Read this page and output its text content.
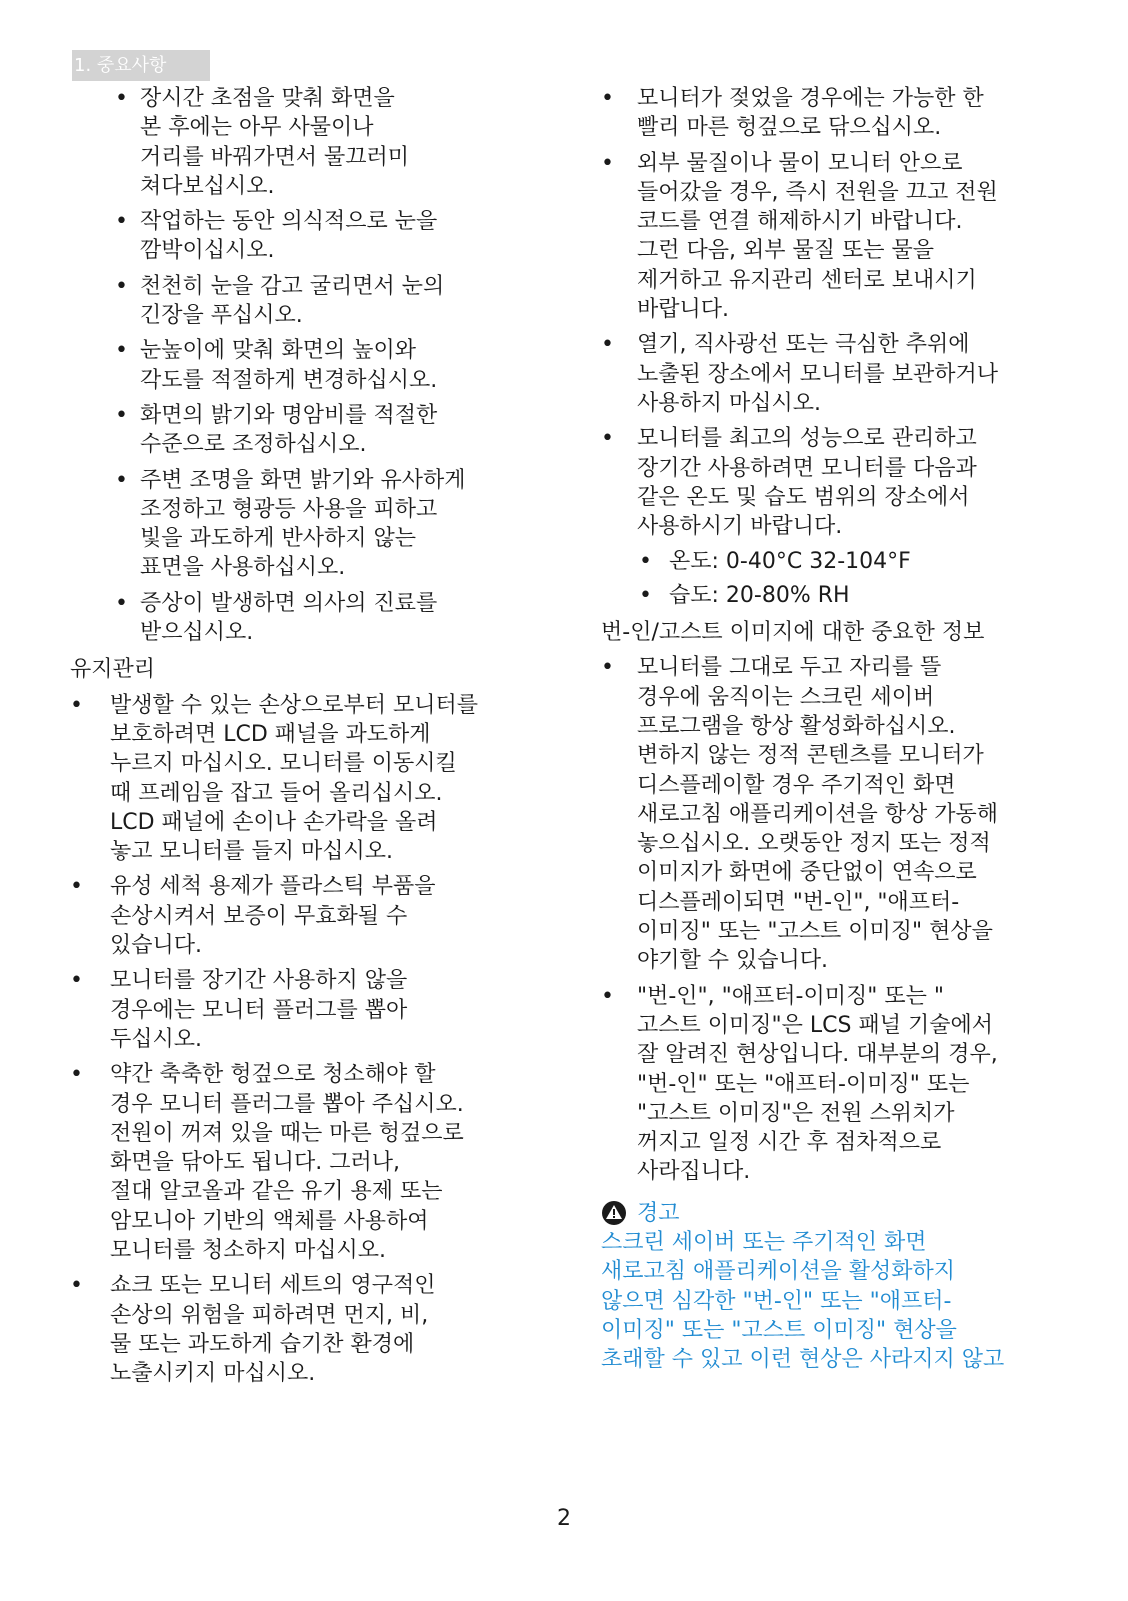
1. 중요사항
• 장시간 초점을 맞춰 화면을
본 후에는 아무 사물이나
거리를 바꿔가면서 물끄러미
쳐다보십시오.
• 작업하는 동안 의식적으로 눈을
깜박이십시오.
• 천천히 눈을 감고 굴리면서 눈의
긴장을 푸십시오.
• 눈높이에 맞춰 화면의 높이와
각도를 적절하게 변경하십시오.
• 화면의 밝기와 명암비를 적절한
수준으로 조정하십시오.
• 주변 조명을 화면 밝기와 유사하게
조정하고 형광등 사용을 피하고
빛을 과도하게 반사하지 않는
표면을 사용하십시오.
• 증상이 발생하면 의사의 진료를
받으십시오.
유지관리
• 발생할 수 있는 손상으로부터 모니터를
보호하려면 LCD 패널을 과도하게
누르지 마십시오. 모니터를 이동시킬
때 프레임을 잡고 들어 올리십시오.
LCD 패널에 손이나 손가락을 올려
놓고 모니터를 들지 마십시오.
• 유성 세척 용제가 플라스틱 부품을
손상시켜서 보증이 무효화될 수
있습니다.
• 모니터를 장기간 사용하지 않을
경우에는 모니터 플러그를 뽑아
두십시오.
• 약간 축축한 헝겊으로 청소해야 할
경우 모니터 플러그를 뽑아 주십시오.
전원이 꺼져 있을 때는 마른 헝겊으로
화면을 닦아도 됩니다. 그러나,
절대 알코올과 같은 유기 용제 또는
암모니아 기반의 액체를 사용하여
모니터를 청소하지 마십시오.
• 쇼크 또는 모니터 세트의 영구적인
손상의 위험을 피하려면 먼지, 비,
물 또는 과도하게 습기찬 환경에
노출시키지 마십시오.
• 모니터가 젖었을 경우에는 가능한 한
빨리 마른 헝겊으로 닦으십시오.
• 외부 물질이나 물이 모니터 안으로
들어갔을 경우, 즉시 전원을 끄고 전원
코드를 연결 해제하시기 바랍니다.
그런 다음, 외부 물질 또는 물을
제거하고 유지관리 센터로 보내시기
바랍니다.
• 열기, 직사광선 또는 극심한 추위에
노출된 장소에서 모니터를 보관하거나
사용하지 마십시오.
• 모니터를 최고의 성능으로 관리하고
장기간 사용하려면 모니터를 다음과
같은 온도 및 습도 범위의 장소에서
사용하시기 바랍니다.
• 온도: 0-40°C 32-104°F
• 습도: 20-80% RH
번-인/고스트 이미지에 대한 중요한 정보
• 모니터를 그대로 두고 자리를 뜰
경우에 움직이는 스크린 세이버
프로그램을 항상 활성화하십시오.
변하지 않는 정적 콘텐츠를 모니터가
디스플레이할 경우 주기적인 화면
새로고침 애플리케이션을 항상 가동해
놓으십시오. 오랫동안 정지 또는 정적
이미지가 화면에 중단없이 연속으로
디스플레이되면 "번-인", "애프터-
이미징" 또는 "고스트 이미징" 현상을
야기할 수 있습니다.
• "번-인", "애프터-이미징" 또는 "
고스트 이미징"은 LCS 패널 기술에서
잘 알려진 현상입니다. 대부분의 경우,
"번-인" 또는 "애프터-이미징" 또는
"고스트 이미징"은 전원 스위치가
꺼지고 일정 시간 후 점차적으로
사라집니다.
경고
스크린 세이버 또는 주기적인 화면
새로고침 애플리케이션을 활성화하지
않으면 심각한 "번-인" 또는 "애프터-
이미징" 또는 "고스트 이미징" 현상을
초래할 수 있고 이런 현상은 사라지지 않고
2
